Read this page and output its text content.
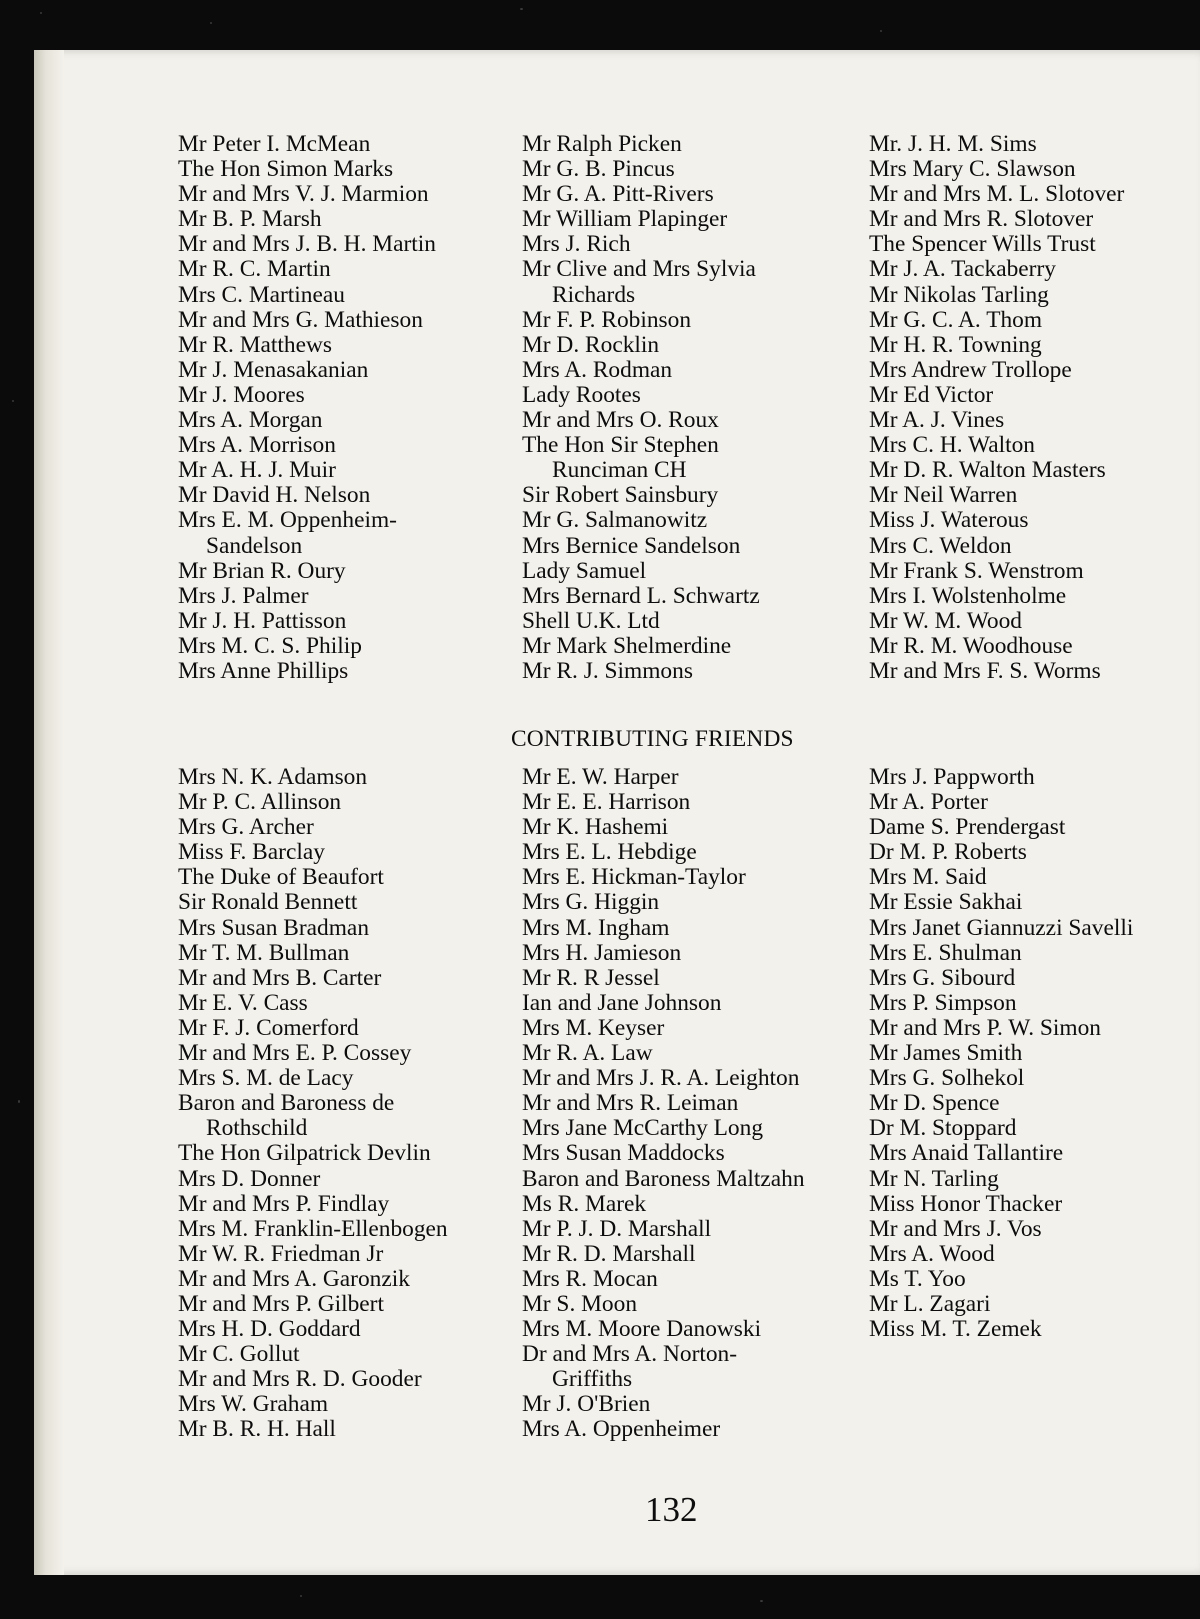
Mr Peter I. McMean
The Hon Simon Marks
Mr and Mrs V. J. Marmion
Mr B. P. Marsh
Mr and Mrs J. B. H. Martin
Mr R. C. Martin
Mrs C. Martineau
Mr and Mrs G. Mathieson
Mr R. Matthews
Mr J. Menasakanian
Mr J. Moores
Mrs A. Morgan
Mrs A. Morrison
Mr A. H. J. Muir
Mr David H. Nelson
Mrs E. M. Oppenheim-
Sandelson
Mr Brian R. Oury
Mrs J. Palmer
Mr J. H. Pattisson
Mrs M. C. S. Philip
Mrs Anne Phillips
Mr Ralph Picken
Mr G. B. Pincus
Mr G. A. Pitt-Rivers
Mr William Plapinger
Mrs J. Rich
Mr Clive and Mrs Sylvia
Richards
Mr F. P. Robinson
Mr D. Rocklin
Mrs A. Rodman
Lady Rootes
Mr and Mrs O. Roux
The Hon Sir Stephen
Runciman CH
Sir Robert Sainsbury
Mr G. Salmanowitz
Mrs Bernice Sandelson
Lady Samuel
Mrs Bernard L. Schwartz
Shell U.K. Ltd
Mr Mark Shelmerdine
Mr R. J. Simmons
Mr. J. H. M. Sims
Mrs Mary C. Slawson
Mr and Mrs M. L. Slotover
Mr and Mrs R. Slotover
The Spencer Wills Trust
Mr J. A. Tackaberry
Mr Nikolas Tarling
Mr G. C. A. Thom
Mr H. R. Towning
Mrs Andrew Trollope
Mr Ed Victor
Mr A. J. Vines
Mrs C. H. Walton
Mr D. R. Walton Masters
Mr Neil Warren
Miss J. Waterous
Mrs C. Weldon
Mr Frank S. Wenstrom
Mrs I. Wolstenholme
Mr W. M. Wood
Mr R. M. Woodhouse
Mr and Mrs F. S. Worms
CONTRIBUTING FRIENDS
Mrs N. K. Adamson
Mr P. C. Allinson
Mrs G. Archer
Miss F. Barclay
The Duke of Beaufort
Sir Ronald Bennett
Mrs Susan Bradman
Mr T. M. Bullman
Mr and Mrs B. Carter
Mr E. V. Cass
Mr F. J. Comerford
Mr and Mrs E. P. Cossey
Mrs S. M. de Lacy
Baron and Baroness de
Rothschild
The Hon Gilpatrick Devlin
Mrs D. Donner
Mr and Mrs P. Findlay
Mrs M. Franklin-Ellenbogen
Mr W. R. Friedman Jr
Mr and Mrs A. Garonzik
Mr and Mrs P. Gilbert
Mrs H. D. Goddard
Mr C. Gollut
Mr and Mrs R. D. Gooder
Mrs W. Graham
Mr B. R. H. Hall
Mr E. W. Harper
Mr E. E. Harrison
Mr K. Hashemi
Mrs E. L. Hebdige
Mrs E. Hickman-Taylor
Mrs G. Higgin
Mrs M. Ingham
Mrs H. Jamieson
Mr R. R Jessel
Ian and Jane Johnson
Mrs M. Keyser
Mr R. A. Law
Mr and Mrs J. R. A. Leighton
Mr and Mrs R. Leiman
Mrs Jane McCarthy Long
Mrs Susan Maddocks
Baron and Baroness Maltzahn
Ms R. Marek
Mr P. J. D. Marshall
Mr R. D. Marshall
Mrs R. Mocan
Mr S. Moon
Mrs M. Moore Danowski
Dr and Mrs A. Norton-
Griffiths
Mr J. O'Brien
Mrs A. Oppenheimer
Mrs J. Pappworth
Mr A. Porter
Dame S. Prendergast
Dr M. P. Roberts
Mrs M. Said
Mr Essie Sakhai
Mrs Janet Giannuzzi Savelli
Mrs E. Shulman
Mrs G. Sibourd
Mrs P. Simpson
Mr and Mrs P. W. Simon
Mr James Smith
Mrs G. Solhekol
Mr D. Spence
Dr M. Stoppard
Mrs Anaid Tallantire
Mr N. Tarling
Miss Honor Thacker
Mr and Mrs J. Vos
Mrs A. Wood
Ms T. Yoo
Mr L. Zagari
Miss M. T. Zemek
132
